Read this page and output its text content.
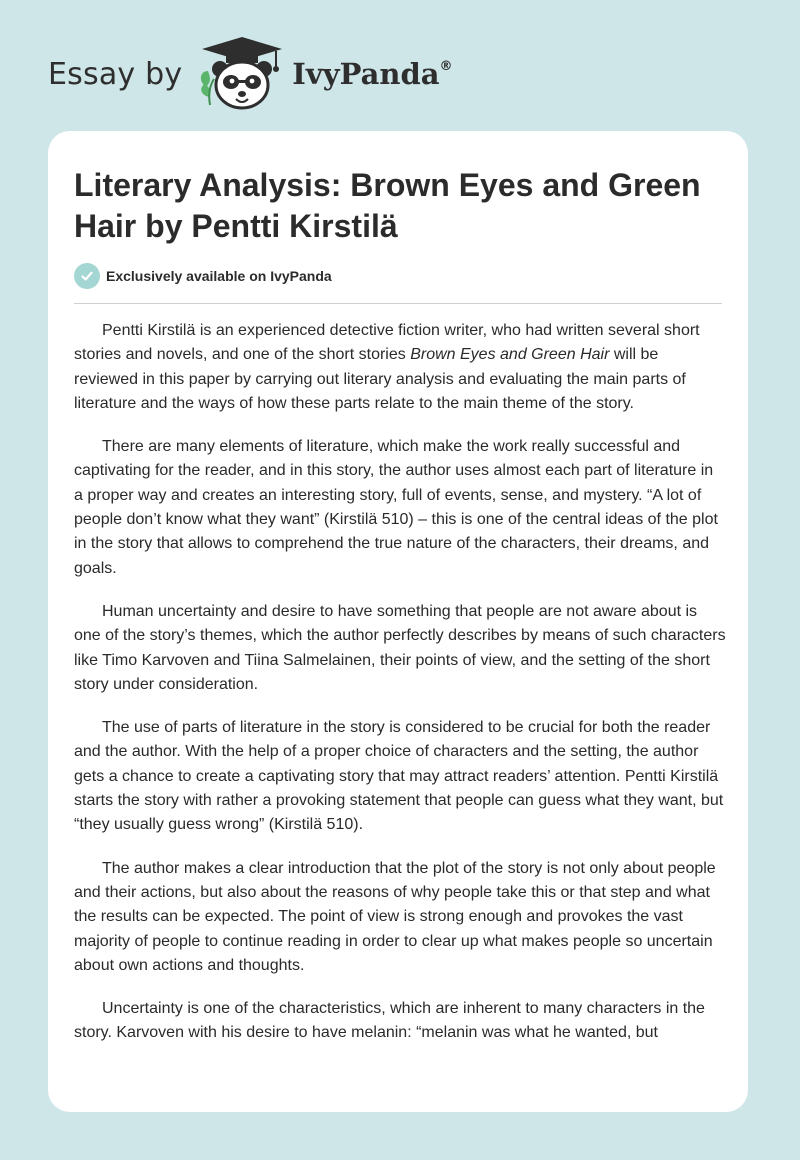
Essay by	IvyPanda®
Literary Analysis: Brown Eyes and Green Hair by Pentti Kirstilä
Exclusively available on IvyPanda

Pentti Kirstilä is an experienced detective fiction writer, who had written several short stories and novels, and one of the short stories Brown Eyes and Green Hair will be reviewed in this paper by carrying out literary analysis and evaluating the main parts of literature and the ways of how these parts relate to the main theme of the story.

There are many elements of literature, which make the work really successful and captivating for the reader, and in this story, the author uses almost each part of literature in a proper way and creates an interesting story, full of events, sense, and mystery. “A lot of people don’t know what they want” (Kirstilä 510) – this is one of the central ideas of the plot in the story that allows to comprehend the true nature of the characters, their dreams, and goals.

Human uncertainty and desire to have something that people are not aware about is one of the story’s themes, which the author perfectly describes by means of such characters like Timo Karvoven and Tiina Salmelainen, their points of view, and the setting of the short story under consideration.

The use of parts of literature in the story is considered to be crucial for both the reader and the author. With the help of a proper choice of characters and the setting, the author gets a chance to create a captivating story that may attract readers’ attention. Pentti Kirstilä starts the story with rather a provoking statement that people can guess what they want, but “they usually guess wrong” (Kirstilä 510).

The author makes a clear introduction that the plot of the story is not only about people and their actions, but also about the reasons of why people take this or that step and what the results can be expected. The point of view is strong enough and provokes the vast majority of people to continue reading in order to clear up what makes people so uncertain about own actions and thoughts.

Uncertainty is one of the characteristics, which are inherent to many characters in the story. Karvoven with his desire to have melanin: “melanin was what he wanted, but
